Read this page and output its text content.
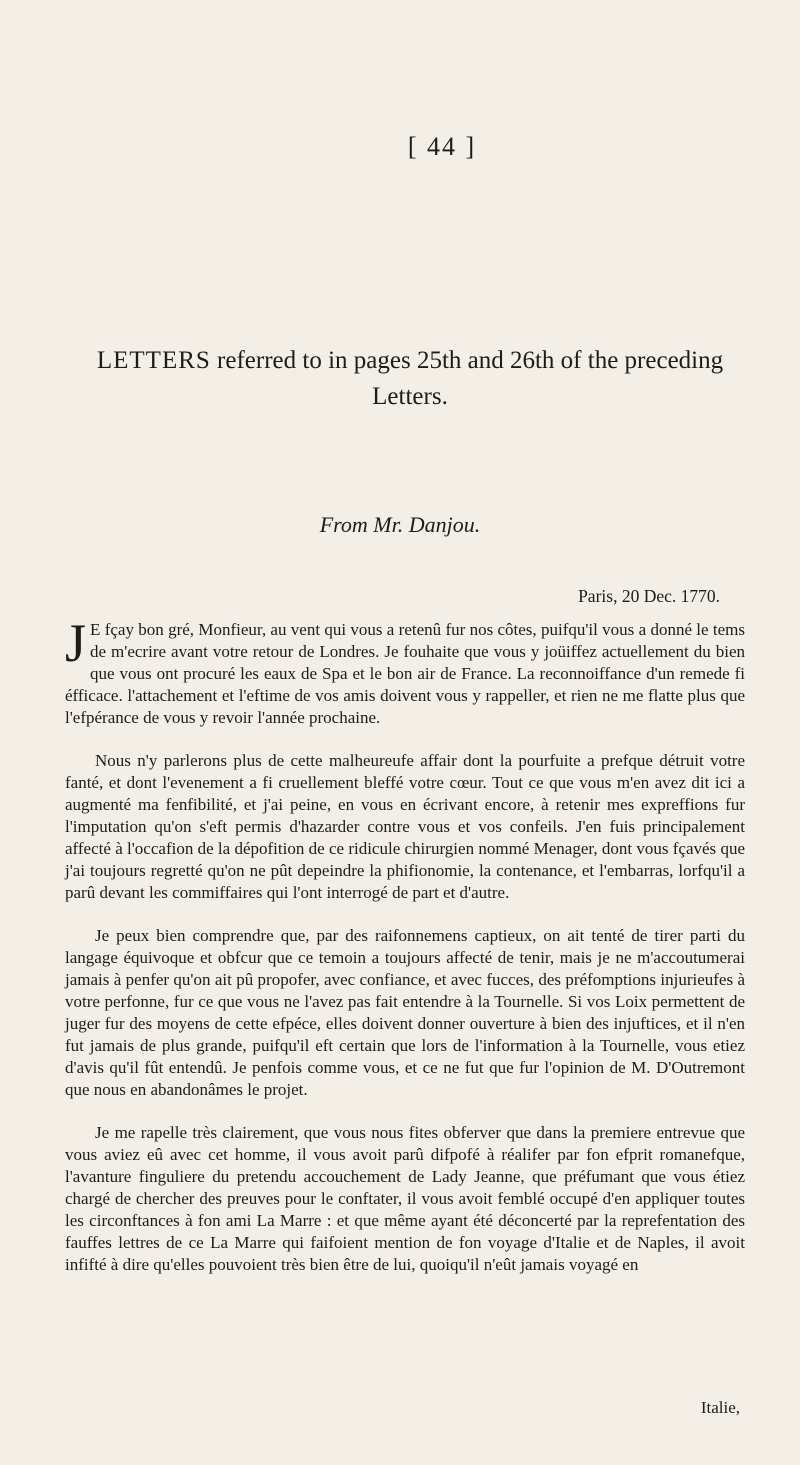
[ 44 ]
LETTERS referred to in pages 25th and 26th of the preceding Letters.
From Mr. Danjou.
Paris, 20 Dec. 1770.

J E fçay bon gré, Monfieur, au vent qui vous a retenû fur nos côtes, puifqu'il vous a donné le tems de m'ecrire avant votre retour de Londres. Je fouhaite que vous y joüiffez actuellement du bien que vous ont procuré les eaux de Spa et le bon air de France. La reconnoiffance d'un remede fi éfficace. l'attachement et l'eftime de vos amis doivent vous y rappeller, et rien ne me flatte plus que l'efpérance de vous y revoir l'année prochaine.

Nous n'y parlerons plus de cette malheureufe affair dont la pourfuite a prefque détruit votre fanté, et dont l'evenement a fi cruellement bleffé votre cœur. Tout ce que vous m'en avez dit ici a augmenté ma fenfibilité, et j'ai peine, en vous en écrivant encore, à retenir mes expreffions fur l'imputation qu'on s'eft permis d'hazarder contre vous et vos confeils. J'en fuis principalement affecté à l'occafion de la dépofition de ce ridicule chirurgien nommé Menager, dont vous fçavés que j'ai toujours regretté qu'on ne pût depeindre la phifionomie, la contenance, et l'embarras, lorfqu'il a parû devant les commiffaires qui l'ont interrogé de part et d'autre.

Je peux bien comprendre que, par des raifonnemens captieux, on ait tenté de tirer parti du langage équivoque et obfcur que ce temoin a toujours affecté de tenir, mais je ne m'accoutumerai jamais à penfer qu'on ait pû propofer, avec confiance, et avec fucces, des préfomptions injurieufes à votre perfonne, fur ce que vous ne l'avez pas fait entendre à la Tournelle. Si vos Loix permettent de juger fur des moyens de cette efpéce, elles doivent donner ouverture à bien des injuftices, et il n'en fut jamais de plus grande, puifqu'il eft certain que lors de l'information à la Tournelle, vous etiez d'avis qu'il fût entendû. Je penfois comme vous, et ce ne fut que fur l'opinion de M. D'Outremont que nous en abandonâmes le projet.

Je me rapelle très clairement, que vous nous fites obferver que dans la premiere entrevue que vous aviez eû avec cet homme, il vous avoit parû difpofé à réalifer par fon efprit romanefque, l'avanture finguliere du pretendu accouchement de Lady Jeanne, que préfumant que vous étiez chargé de chercher des preuves pour le conftater, il vous avoit femblé occupé d'en appliquer toutes les circonftances à fon ami La Marre : et que même ayant été déconcerté par la reprefentation des fauffes lettres de ce La Marre qui faifoient mention de fon voyage d'Italie et de Naples, il avoit infifté à dire qu'elles pouvoient très bien être de lui, quoiqu'il n'eût jamais voyagé en

Italie,
